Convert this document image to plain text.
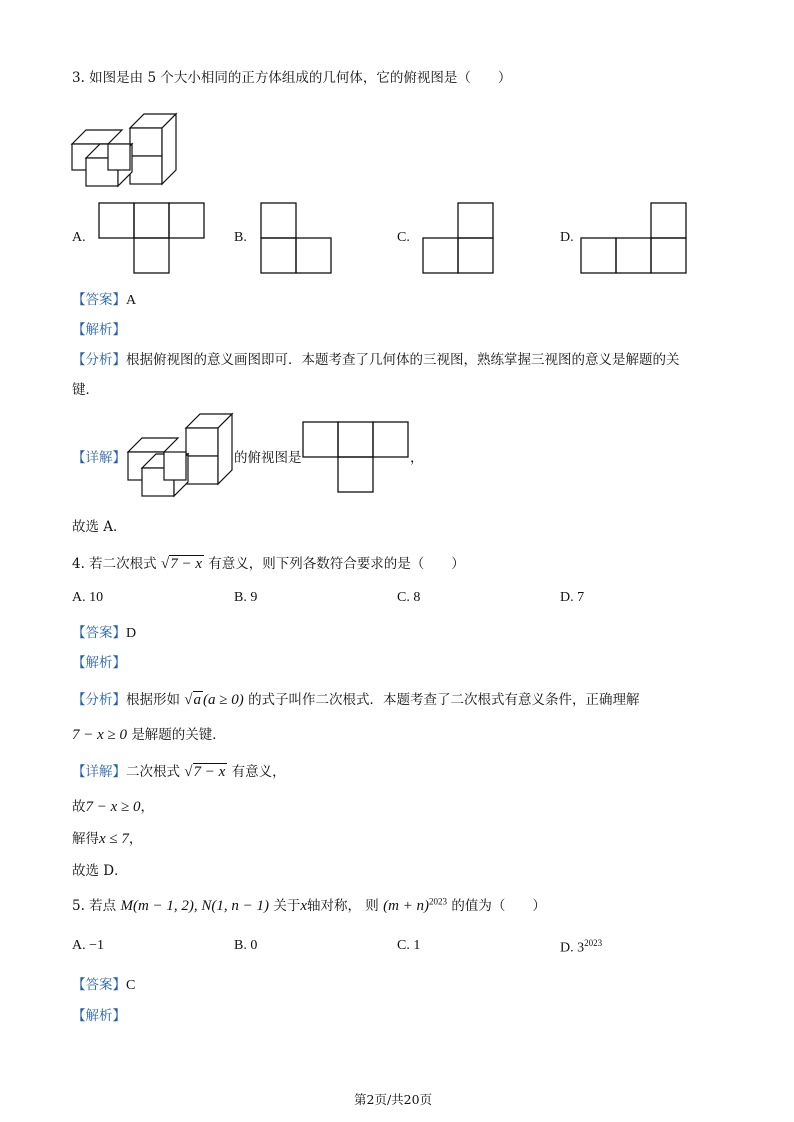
3. 如图是由 5 个大小相同的正方体组成的几何体，它的俯视图是（　　）
A.	B.	C.	D.
【答案】A
【解析】
【分析】根据俯视图的意义画图即可．本题考查了几何体的三视图，熟练掌握三视图的意义是解题的关
键．
【详解】	的俯视图是	，
故选 A．
4. 若二次根式 √7 − x 有意义，则下列各数符合要求的是（　　）
A. 10	B. 9	C. 8	D. 7
【答案】D
【解析】
【分析】根据形如 √a (a ≥ 0) 的式子叫作二次根式．本题考查了二次根式有意义条件，正确理解
7 − x ≥ 0 是解题的关键．
【详解】二次根式 √7 − x 有意义，
故7 − x ≥ 0，
解得x ≤ 7，
故选 D．
5. 若点 M(m − 1, 2), N(1, n − 1) 关于x轴对称， 则 $(m + n)^{2023}$ 的值为（　　）
A. −1	B. 0	C. 1	D. $3^{2023}$
【答案】C
【解析】
第2页/共20页
